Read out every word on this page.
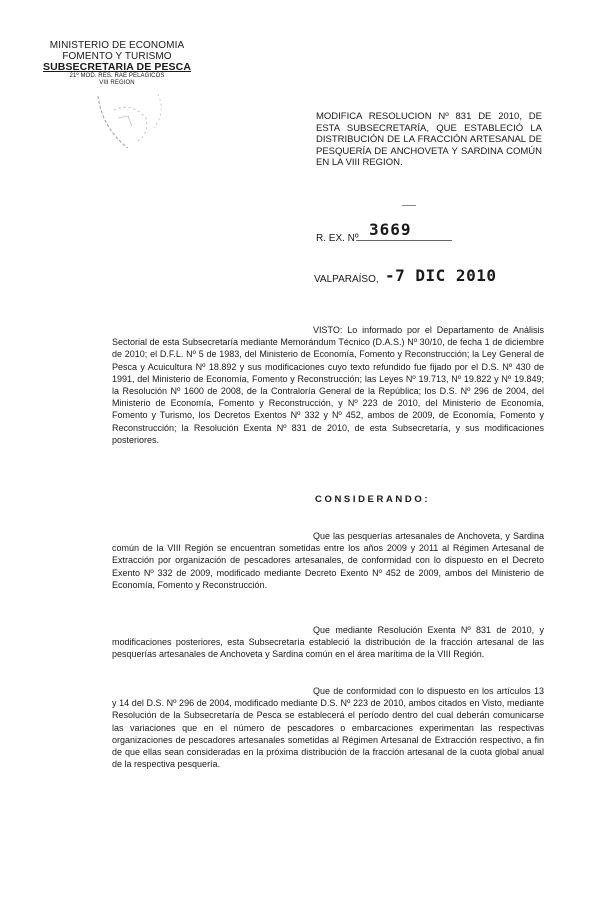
MINISTERIO DE ECONOMIA
FOMENTO Y TURISMO
SUBSECRETARIA DE PESCA
21º MOD. RES. RAE PELAGICOS
VIII REGION
MODIFICA RESOLUCION Nº 831 DE 2010, DE ESTA SUBSECRETARÍA, QUE ESTABLECIÓ LA DISTRIBUCIÓN DE LA FRACCIÓN ARTESANAL DE PESQUERÍA DE ANCHOVETA Y SARDINA COMÚN EN LA VIII REGION.
R. EX. Nº 3669
VALPARAÍSO, -7 DIC 2010
VISTO: Lo informado por el Departamento de Análisis Sectorial de esta Subsecretaría mediante Memorándum Técnico (D.A.S.) Nº 30/10, de fecha 1 de diciembre de 2010; el D.F.L. Nº 5 de 1983, del Ministerio de Economía, Fomento y Reconstrucción; la Ley General de Pesca y Acuicultura Nº 18.892 y sus modificaciones cuyo texto refundido fue fijado por el D.S. Nº 430 de 1991, del Ministerio de Economía, Fomento y Reconstrucción; las Leyes Nº 19.713, Nº 19.822 y Nº 19.849; la Resolución Nº 1600 de 2008, de la Contraloría General de la República; los D.S. Nº 296 de 2004, del Ministerio de Economía, Fomento y Reconstrucción, y Nº 223 de 2010, del Ministerio de Economía, Fomento y Turismo, los Decretos Exentos Nº 332 y Nº 452, ambos de 2009, de Economía, Fomento y Reconstrucción; la Resolución Exenta Nº 831 de 2010, de esta Subsecretaría, y sus modificaciones posteriores.
CONSIDERANDO:
Que las pesquerías artesanales de Anchoveta, y Sardina común de la VIII Región se encuentran sometidas entre los años 2009 y 2011 al Régimen Artesanal de Extracción por organización de pescadores artesanales, de conformidad con lo dispuesto en el Decreto Exento Nº 332 de 2009, modificado mediante Decreto Exento Nº 452 de 2009, ambos del Ministerio de Economía, Fomento y Reconstrucción.
Que mediante Resolución Exenta Nº 831 de 2010, y modificaciones posteriores, esta Subsecretaría estableció la distribución de la fracción artesanal de las pesquerías artesanales de Anchoveta y Sardina común en el área marítima de la VIII Región.
Que de conformidad con lo dispuesto en los artículos 13 y 14 del D.S. Nº 296 de 2004, modificado mediante D.S. Nº 223 de 2010, ambos citados en Visto, mediante Resolución de la Subsecretaría de Pesca se establecerá el período dentro del cual deberán comunicarse las variaciones que en el número de pescadores o embarcaciones experimentan las respectivas organizaciones de pescadores artesanales sometidas al Régimen Artesanal de Extracción respectivo, a fin de que ellas sean consideradas en la próxima distribución de la fracción artesanal de la cuota global anual de la respectiva pesquería.
